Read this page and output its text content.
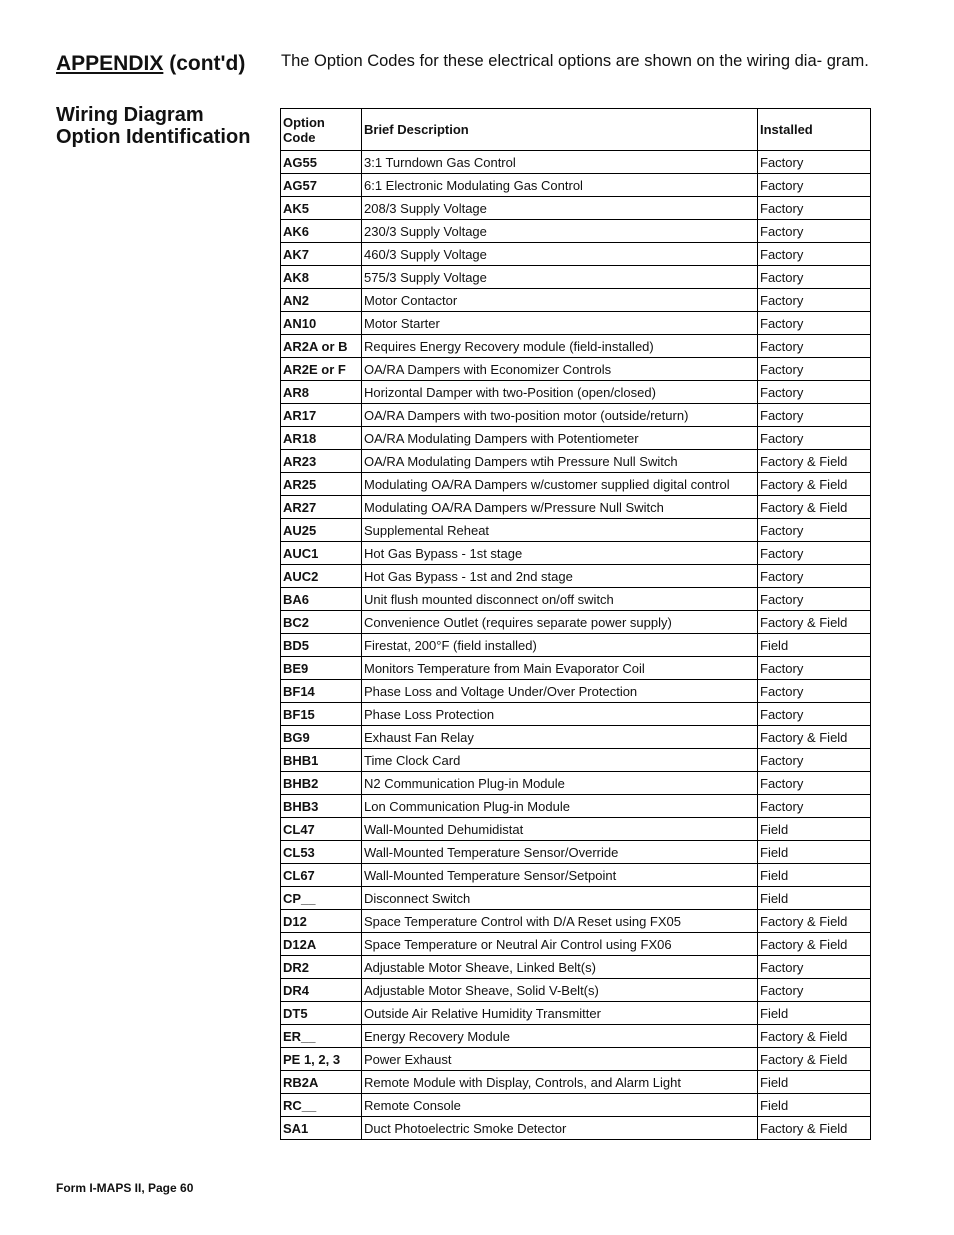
APPENDIX (cont'd)
Wiring Diagram
Option Identification

The Option Codes for these electrical options are shown on the wiring dia- gram.

Option Code	Brief Description	Installed
AG55	3:1 Turndown Gas Control	Factory
AG57	6:1 Electronic Modulating Gas Control	Factory
AK5	208/3 Supply Voltage	Factory
AK6	230/3 Supply Voltage	Factory
AK7	460/3 Supply Voltage	Factory
AK8	575/3 Supply Voltage	Factory
AN2	Motor Contactor	Factory
AN10	Motor Starter	Factory
AR2A or B	Requires Energy Recovery module (field-installed)	Factory
AR2E or F	OA/RA Dampers with Economizer Controls	Factory
AR8	Horizontal Damper with two-Position (open/closed)	Factory
AR17	OA/RA Dampers with two-position motor (outside/return)	Factory
AR18	OA/RA Modulating Dampers with Potentiometer	Factory
AR23	OA/RA Modulating Dampers wtih Pressure Null Switch	Factory & Field
AR25	Modulating OA/RA Dampers w/customer supplied digital control	Factory & Field
AR27	Modulating OA/RA Dampers w/Pressure Null Switch	Factory & Field
AU25	Supplemental Reheat	Factory
AUC1	Hot Gas Bypass - 1st stage	Factory
AUC2	Hot Gas Bypass - 1st and 2nd stage	Factory
BA6	Unit flush mounted disconnect on/off switch	Factory
BC2	Convenience Outlet (requires separate power supply)	Factory & Field
BD5	Firestat, 200°F (field installed)	Field
BE9	Monitors Temperature from Main Evaporator Coil	Factory
BF14	Phase Loss and Voltage Under/Over Protection	Factory
BF15	Phase Loss Protection	Factory
BG9	Exhaust Fan Relay	Factory & Field
BHB1	Time Clock Card	Factory
BHB2	N2 Communication Plug-in Module	Factory
BHB3	Lon Communication Plug-in Module	Factory
CL47	Wall-Mounted Dehumidistat	Field
CL53	Wall-Mounted Temperature Sensor/Override	Field
CL67	Wall-Mounted Temperature Sensor/Setpoint	Field
CP__	Disconnect Switch	Field
D12	Space Temperature Control with D/A Reset using FX05	Factory & Field
D12A	Space Temperature or Neutral Air Control using FX06	Factory & Field
DR2	Adjustable Motor Sheave, Linked Belt(s)	Factory
DR4	Adjustable Motor Sheave, Solid V-Belt(s)	Factory
DT5	Outside Air Relative Humidity Transmitter	Field
ER__	Energy Recovery Module	Factory & Field
PE 1, 2, 3	Power Exhaust	Factory & Field
RB2A	Remote Module with Display, Controls, and Alarm Light	Field
RC__	Remote Console	Field
SA1	Duct Photoelectric Smoke Detector	Factory & Field
Form I-MAPS II, Page 60
